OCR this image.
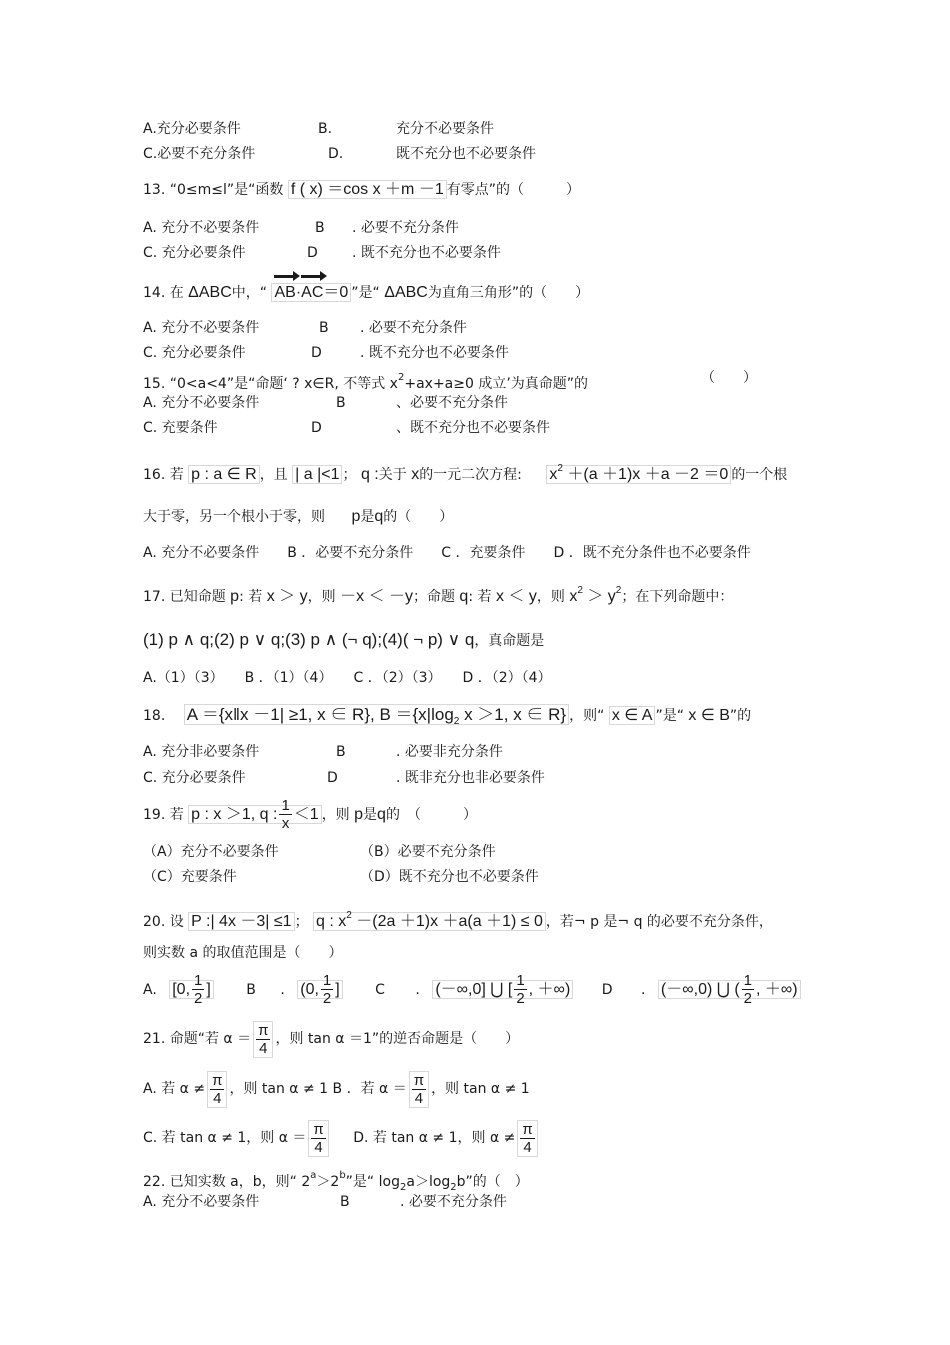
A.充分必要条件	B.	充分不必要条件
C.必要不充分条件	D.	既不充分也不必要条件
13. “0≤m≤l”是“函数 f ( x) ＝cos x ＋m －1 有零点”的（　　　）
A. 充分不必要条件	B . 必要不充分条件
C. 充分必要条件	D . 既不充分也不必要条件
14. 在 ΔABC中，“ AB·
AC＝0 ”是“ ΔABC为直角三角形”的（　　）
A. 充分不必要条件	B . 必要不充分条件
C. 充分必要条件	D	. 既不充分也不必要条件
15. “0<a<4”是“命题‘ ? x∈R, 不等式 $x^2+ax+a\ge 0$ 成立’为真命题”的	（　　）
A. 充分不必要条件	B	、必要不充分条件
C. 充要条件	D	、既不充分也不必要条件
16. 若 p : a ∈ R ，且 | a |<1 ； q :关于 x的一元二次方程: $x^2 +(a +1)x +a -2 =0$ 的一个根
大于零，另一个根小于零，则 p是q的（　　）
A. 充分不必要条件　　B ．必要不充分条件　　C ．充要条件　　D ．既不充分条件也不必要条件
17. 已知命题 p: 若 x ＞ y，则 －x ＜ －y；命题 q: 若 x ＜ y，则 $x^2 > y^2$；在下列命题中：
(1) p ∧ q;(2) p ∨ q;(3) p ∧ (¬ q);(4)( ¬ p) ∨ q，真命题是
A.（1）（3）　　B ．（1）（4）　　C ．（2）（3）　　D ．（2）（4）
18. A ＝{x‖x －1| ≥1, x ∈ R}, $B =\{x|\log_2$ x ＞1, x ∈ R} ，则“ x ∈ A ”是“ x ∈ B”的
A. 充分非必要条件	B	. 必要非充分条件
C. 充分必要条件	D	. 既非充分也非必要条件
19. 若 p : x ＞1, q : $\frac{1}{x} <1$ ，则 p是q的　（　　　）
（A）充分不必要条件	（B）必要不充分条件
（C）充要条件	（D）既不充分也不必要条件
20. 设 P :| 4x －3| ≤1 ； q : $x^2 -(2a +1)x +a(a +1) \le 0$ ，若¬ p 是¬ q 的必要不充分条件，
则实数 a 的取值范围是（　　）
A. [0, $\frac{1}{2}$ ]	B . (0, $\frac{1}{2}$ ]	C . (－∞,0] ⋃ [ $\frac{1}{2}$ , ＋∞) D . (－∞,0) ⋃ ( $\frac{1}{2}$ , ＋∞)
21. 命题“若 $\alpha = \frac{\pi}{4}$ ，则 tan α ＝1”的逆否命题是（　　）
A. 若 $\alpha \ne \frac{\pi}{4}$ ，则 tan α ≠ 1 B ．若 $\alpha = \frac{\pi}{4}$ ，则 tan α ≠ 1
C. 若 tan α ≠ 1，则 $\alpha = \frac{\pi}{4} D$. 若 tan α ≠ 1，则 $\alpha \ne \frac{\pi}{4}$
22. 已知实数 a，b，则“ $2^a>2^b$”是“ $\log_2a>\log_2b$”的（　）
A. 充分不必要条件	B	. 必要不充分条件
